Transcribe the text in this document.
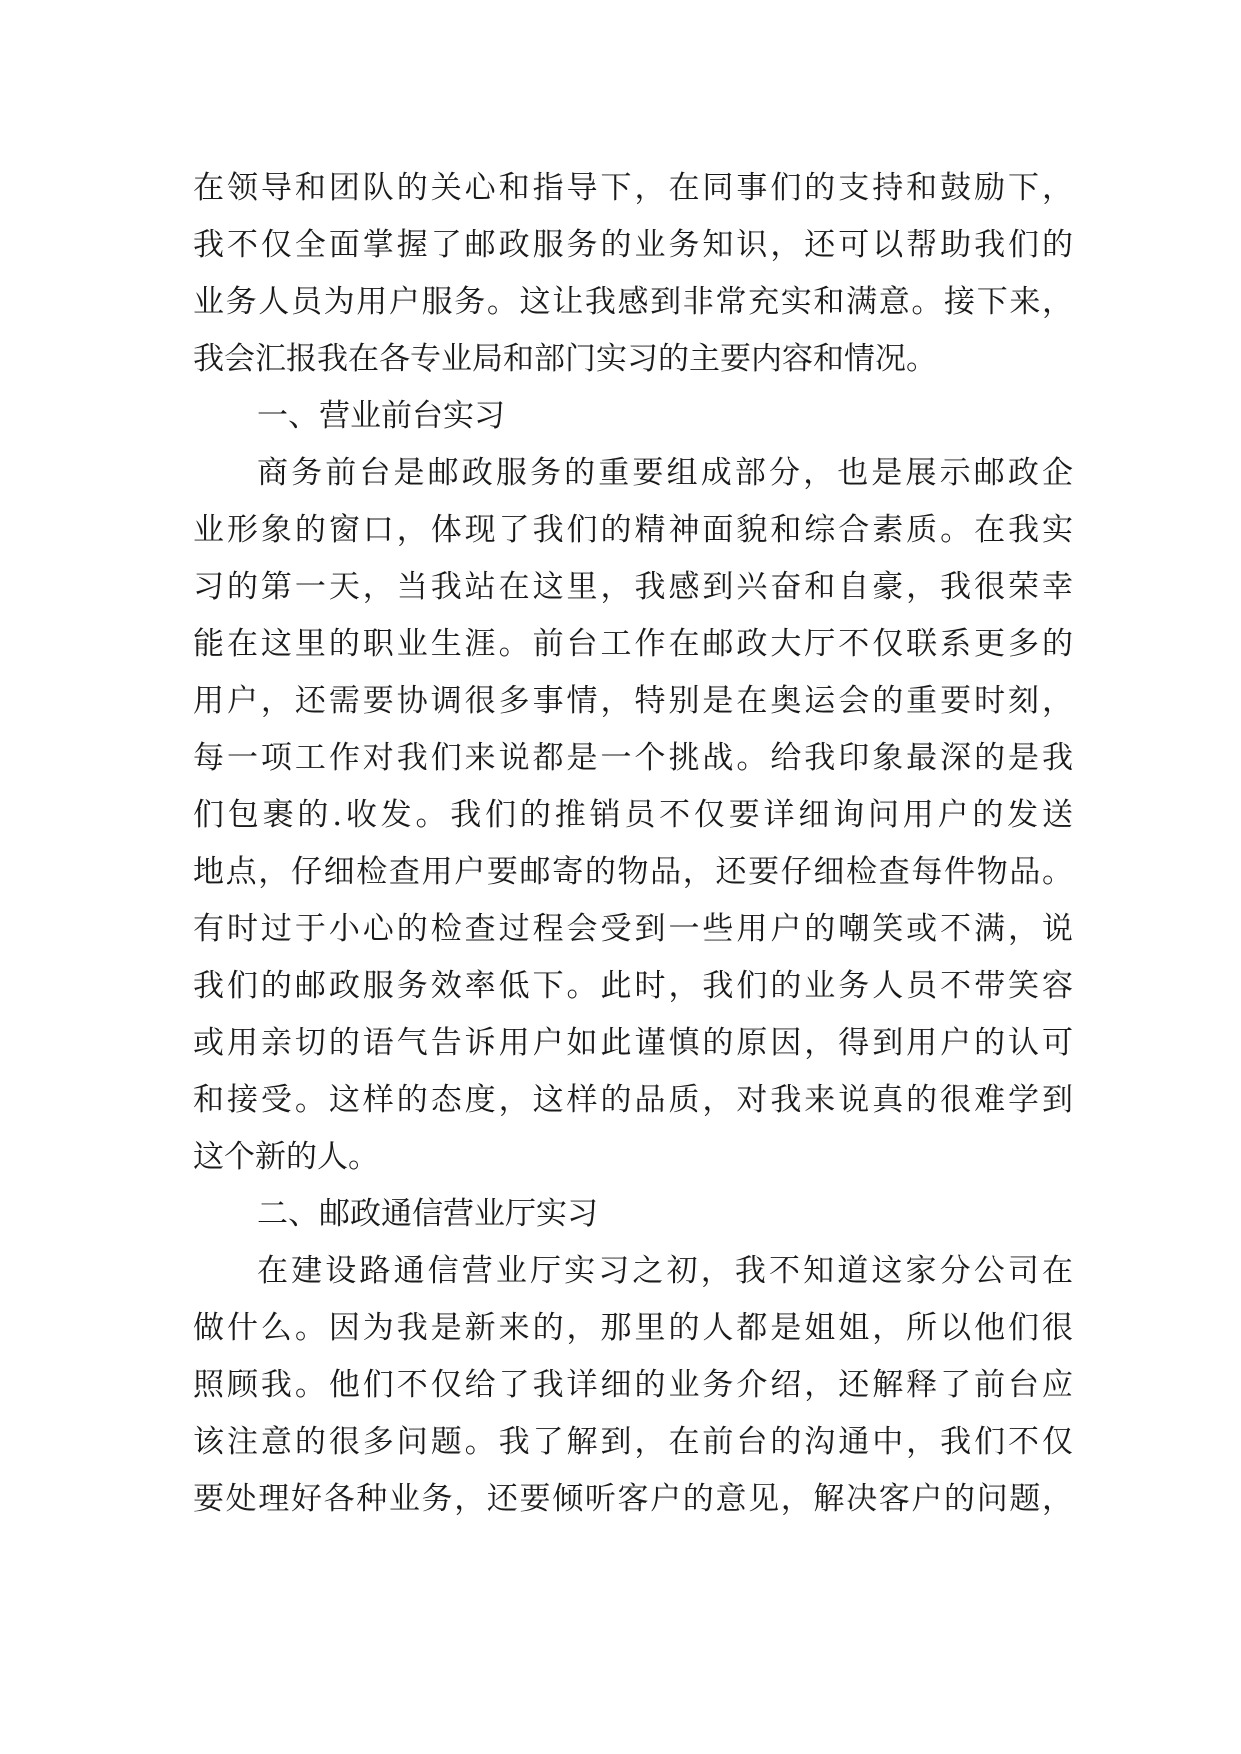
在领导和团队的关心和指导下，在同事们的支持和鼓励下，
我不仅全面掌握了邮政服务的业务知识，还可以帮助我们的
业务人员为用户服务。这让我感到非常充实和满意。接下来，
我会汇报我在各专业局和部门实习的主要内容和情况。
一、营业前台实习
商务前台是邮政服务的重要组成部分，也是展示邮政企
业形象的窗口，体现了我们的精神面貌和综合素质。在我实
习的第一天，当我站在这里，我感到兴奋和自豪，我很荣幸
能在这里的职业生涯。前台工作在邮政大厅不仅联系更多的
用户，还需要协调很多事情，特别是在奥运会的重要时刻，
每一项工作对我们来说都是一个挑战。给我印象最深的是我
们包裹的.收发。我们的推销员不仅要详细询问用户的发送
地点，仔细检查用户要邮寄的物品，还要仔细检查每件物品。
有时过于小心的检查过程会受到一些用户的嘲笑或不满，说
我们的邮政服务效率低下。此时，我们的业务人员不带笑容
或用亲切的语气告诉用户如此谨慎的原因，得到用户的认可
和接受。这样的态度，这样的品质，对我来说真的很难学到
这个新的人。
二、邮政通信营业厅实习
在建设路通信营业厅实习之初，我不知道这家分公司在
做什么。因为我是新来的，那里的人都是姐姐，所以他们很
照顾我。他们不仅给了我详细的业务介绍，还解释了前台应
该注意的很多问题。我了解到，在前台的沟通中，我们不仅
要处理好各种业务，还要倾听客户的意见，解决客户的问题，
